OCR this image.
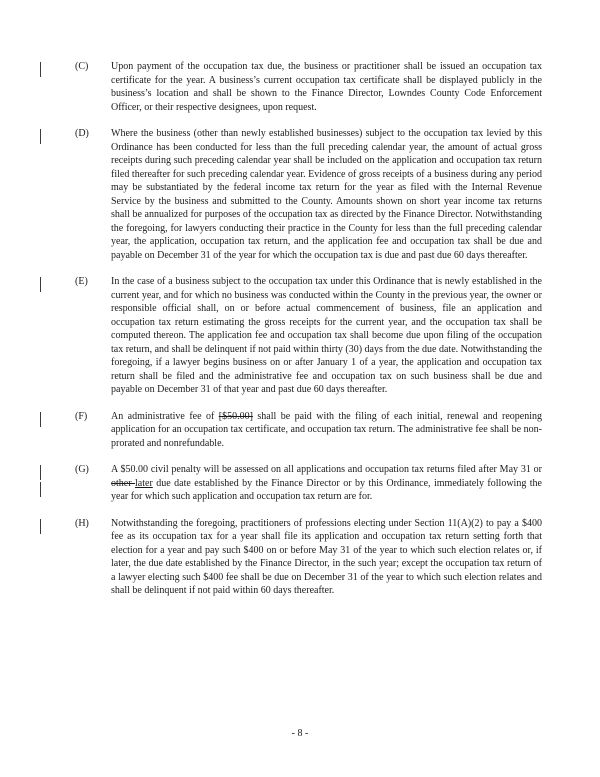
(C)	Upon payment of the occupation tax due, the business or practitioner shall be issued an occupation tax certificate for the year. A business’s current occupation tax certificate shall be displayed publicly in the business’s location and shall be shown to the Finance Director, Lowndes County Code Enforcement Officer, or their respective designees, upon request.
(D)	Where the business (other than newly established businesses) subject to the occupation tax levied by this Ordinance has been conducted for less than the full preceding calendar year, the amount of actual gross receipts during such preceding calendar year shall be included on the application and occupation tax return filed thereafter for such preceding calendar year. Evidence of gross receipts of a business during any period may be substantiated by the federal income tax return for the year as filed with the Internal Revenue Service by the business and submitted to the County. Amounts shown on short year income tax returns shall be annualized for purposes of the occupation tax as directed by the Finance Director. Notwithstanding the foregoing, for lawyers conducting their practice in the County for less than the full preceding calendar year, the application, occupation tax return, and the application fee and occupation tax shall be due and payable on December 31 of the year for which the occupation tax is due and past due 60 days thereafter.
(E)	In the case of a business subject to the occupation tax under this Ordinance that is newly established in the current year, and for which no business was conducted within the County in the previous year, the owner or responsible official shall, on or before actual commencement of business, file an application and occupation tax return estimating the gross receipts for the current year, and the occupation tax shall be computed thereon. The application fee and occupation tax shall become due upon filing of the occupation tax return, and shall be delinquent if not paid within thirty (30) days from the due date. Notwithstanding the foregoing, if a lawyer begins business on or after January 1 of a year, the application and occupation tax return shall be filed and the administrative fee and occupation tax on such business shall be due and payable on December 31 of that year and past due 60 days thereafter.
(F)	An administrative fee of [$50.00] shall be paid with the filing of each initial, renewal and reopening application for an occupation tax certificate, and occupation tax return. The administrative fee shall be non-prorated and nonrefundable.
(G)	A $50.00 civil penalty will be assessed on all applications and occupation tax returns filed after May 31 or other later due date established by the Finance Director or by this Ordinance, immediately following the year for which such application and occupation tax return are for.
(H)	Notwithstanding the foregoing, practitioners of professions electing under Section 11(A)(2) to pay a $400 fee as its occupation tax for a year shall file its application and occupation tax return setting forth that election for a year and pay such $400 on or before May 31 of the year to which such election relates or, if later, the due date established by the Finance Director, in the such year; except the occupation tax return of a lawyer electing such $400 fee shall be due on December 31 of the year to which such election relates and shall be delinquent if not paid within 60 days thereafter.
- 8 -
